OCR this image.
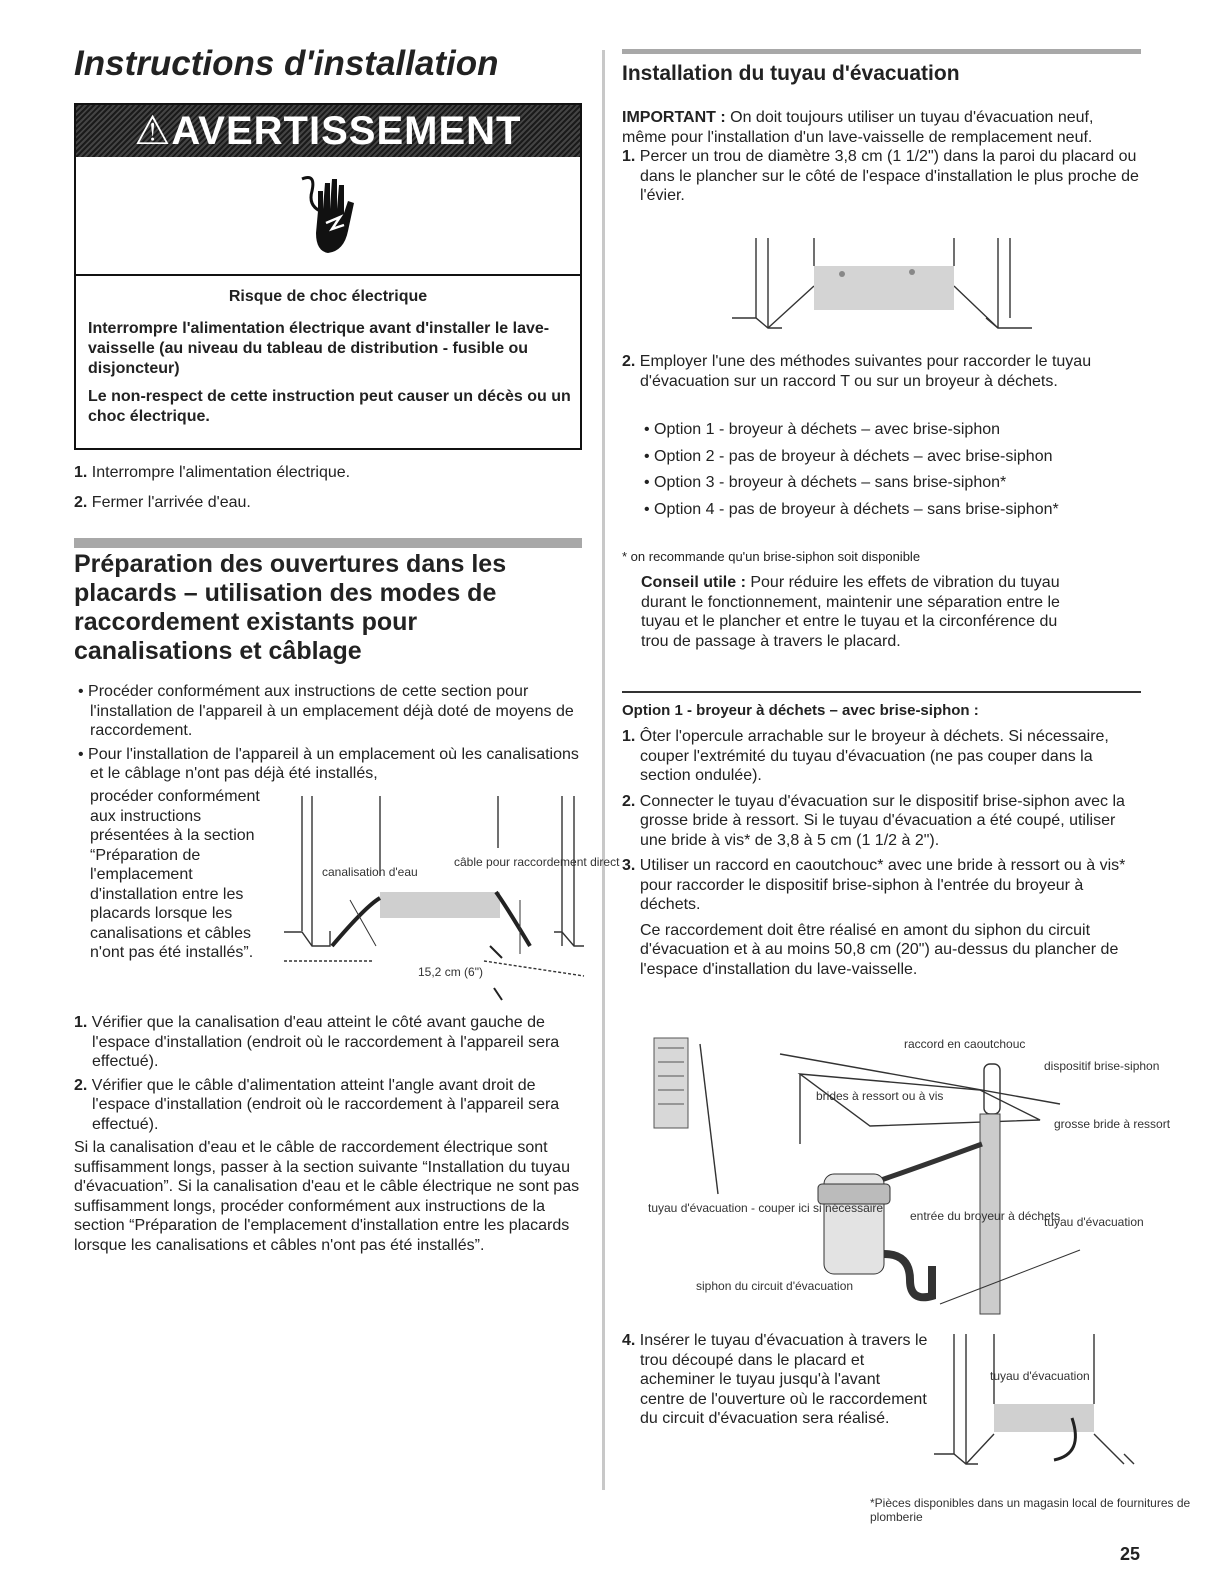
Instructions d'installation
⚠AVERTISSEMENT
Risque de choc électrique

Interrompre l'alimentation électrique avant d'installer le lave-vaisselle (au niveau du tableau de distribution - fusible ou disjoncteur)

Le non-respect de cette instruction peut causer un décès ou un choc électrique.

1. Interrompre l'alimentation électrique.
2. Fermer l'arrivée d'eau.
Préparation des ouvertures dans les placards – utilisation des modes de raccordement existants pour canalisations et câblage

• Procéder conformément aux instructions de cette section pour l'installation de l'appareil à un emplacement déjà doté de moyens de raccordement.

• Pour l'installation de l'appareil à un emplacement où les canalisations et le câblage n'ont pas déjà été installés,

procéder conformément aux instructions présentées à la section “Préparation de l'emplacement d'installation entre les placards lorsque les canalisations et câbles n'ont pas été installés”.
canalisation d'eau
câble pour raccordement direct
15,2 cm (6")

1. Vérifier que la canalisation d'eau atteint le côté avant gauche de l'espace d'installation (endroit où le raccordement à l'appareil sera effectué).

2. Vérifier que le câble d'alimentation atteint l'angle avant droit de l'espace d'installation (endroit où le raccordement à l'appareil sera effectué).

Si la canalisation d'eau et le câble de raccordement électrique sont suffisamment longs, passer à la section suivante “Installation du tuyau d'évacuation”. Si la canalisation d'eau et le câble électrique ne sont pas suffisamment longs, procéder conformément aux instructions de la section “Préparation de l'emplacement d'installation entre les placards lorsque les canalisations et câbles n'ont pas été installés”.

Installation du tuyau d'évacuation

IMPORTANT : On doit toujours utiliser un tuyau d'évacuation neuf, même pour l'installation d'un lave-vaisselle de remplacement neuf.

1. Percer un trou de diamètre 3,8 cm (1 1/2") dans la paroi du placard ou dans le plancher sur le côté de l'espace d'installation le plus proche de l'évier.

2. Employer l'une des méthodes suivantes pour raccorder le tuyau d'évacuation sur un raccord T ou sur un broyeur à déchets.

• Option 1 - broyeur à déchets – avec brise-siphon

• Option 2 - pas de broyeur à déchets – avec brise-siphon

• Option 3 - broyeur à déchets – sans brise-siphon*

• Option 4 - pas de broyeur à déchets – sans brise-siphon*

* on recommande qu'un brise-siphon soit disponible
Conseil utile : Pour réduire les effets de vibration du tuyau durant le fonctionnement, maintenir une séparation entre le tuyau et le plancher et entre le tuyau et la circonférence du trou de passage à travers le placard.
Option 1 - broyeur à déchets – avec brise-siphon :

1. Ôter l'opercule arrachable sur le broyeur à déchets. Si nécessaire, couper l'extrémité du tuyau d'évacuation (ne pas couper dans la section ondulée).

2. Connecter le tuyau d'évacuation sur le dispositif brise-siphon avec la grosse bride à ressort. Si le tuyau d'évacuation a été coupé, utiliser une bride à vis* de 3,8 à 5 cm (1 1/2 à 2").

3. Utiliser un raccord en caoutchouc* avec une bride à ressort ou à vis* pour raccorder le dispositif brise-siphon à l'entrée du broyeur à déchets.

Ce raccordement doit être réalisé en amont du siphon du circuit d'évacuation et à au moins 50,8 cm (20") au-dessus du plancher de l'espace d'installation du lave-vaisselle.

raccord en caoutchouc
dispositif brise-siphon
brides à ressort ou à vis
grosse bride à ressort
tuyau d'évacuation - couper ici si nécessaire
entrée du broyeur à déchets
tuyau d'évacuation
siphon du circuit d'évacuation

4. Insérer le tuyau d'évacuation à travers le trou découpé dans le placard et acheminer le tuyau jusqu'à l'avant centre de l'ouverture où le raccordement du circuit d'évacuation sera réalisé.

tuyau d'évacuation
*Pièces disponibles dans un magasin local de fournitures de plomberie
25
